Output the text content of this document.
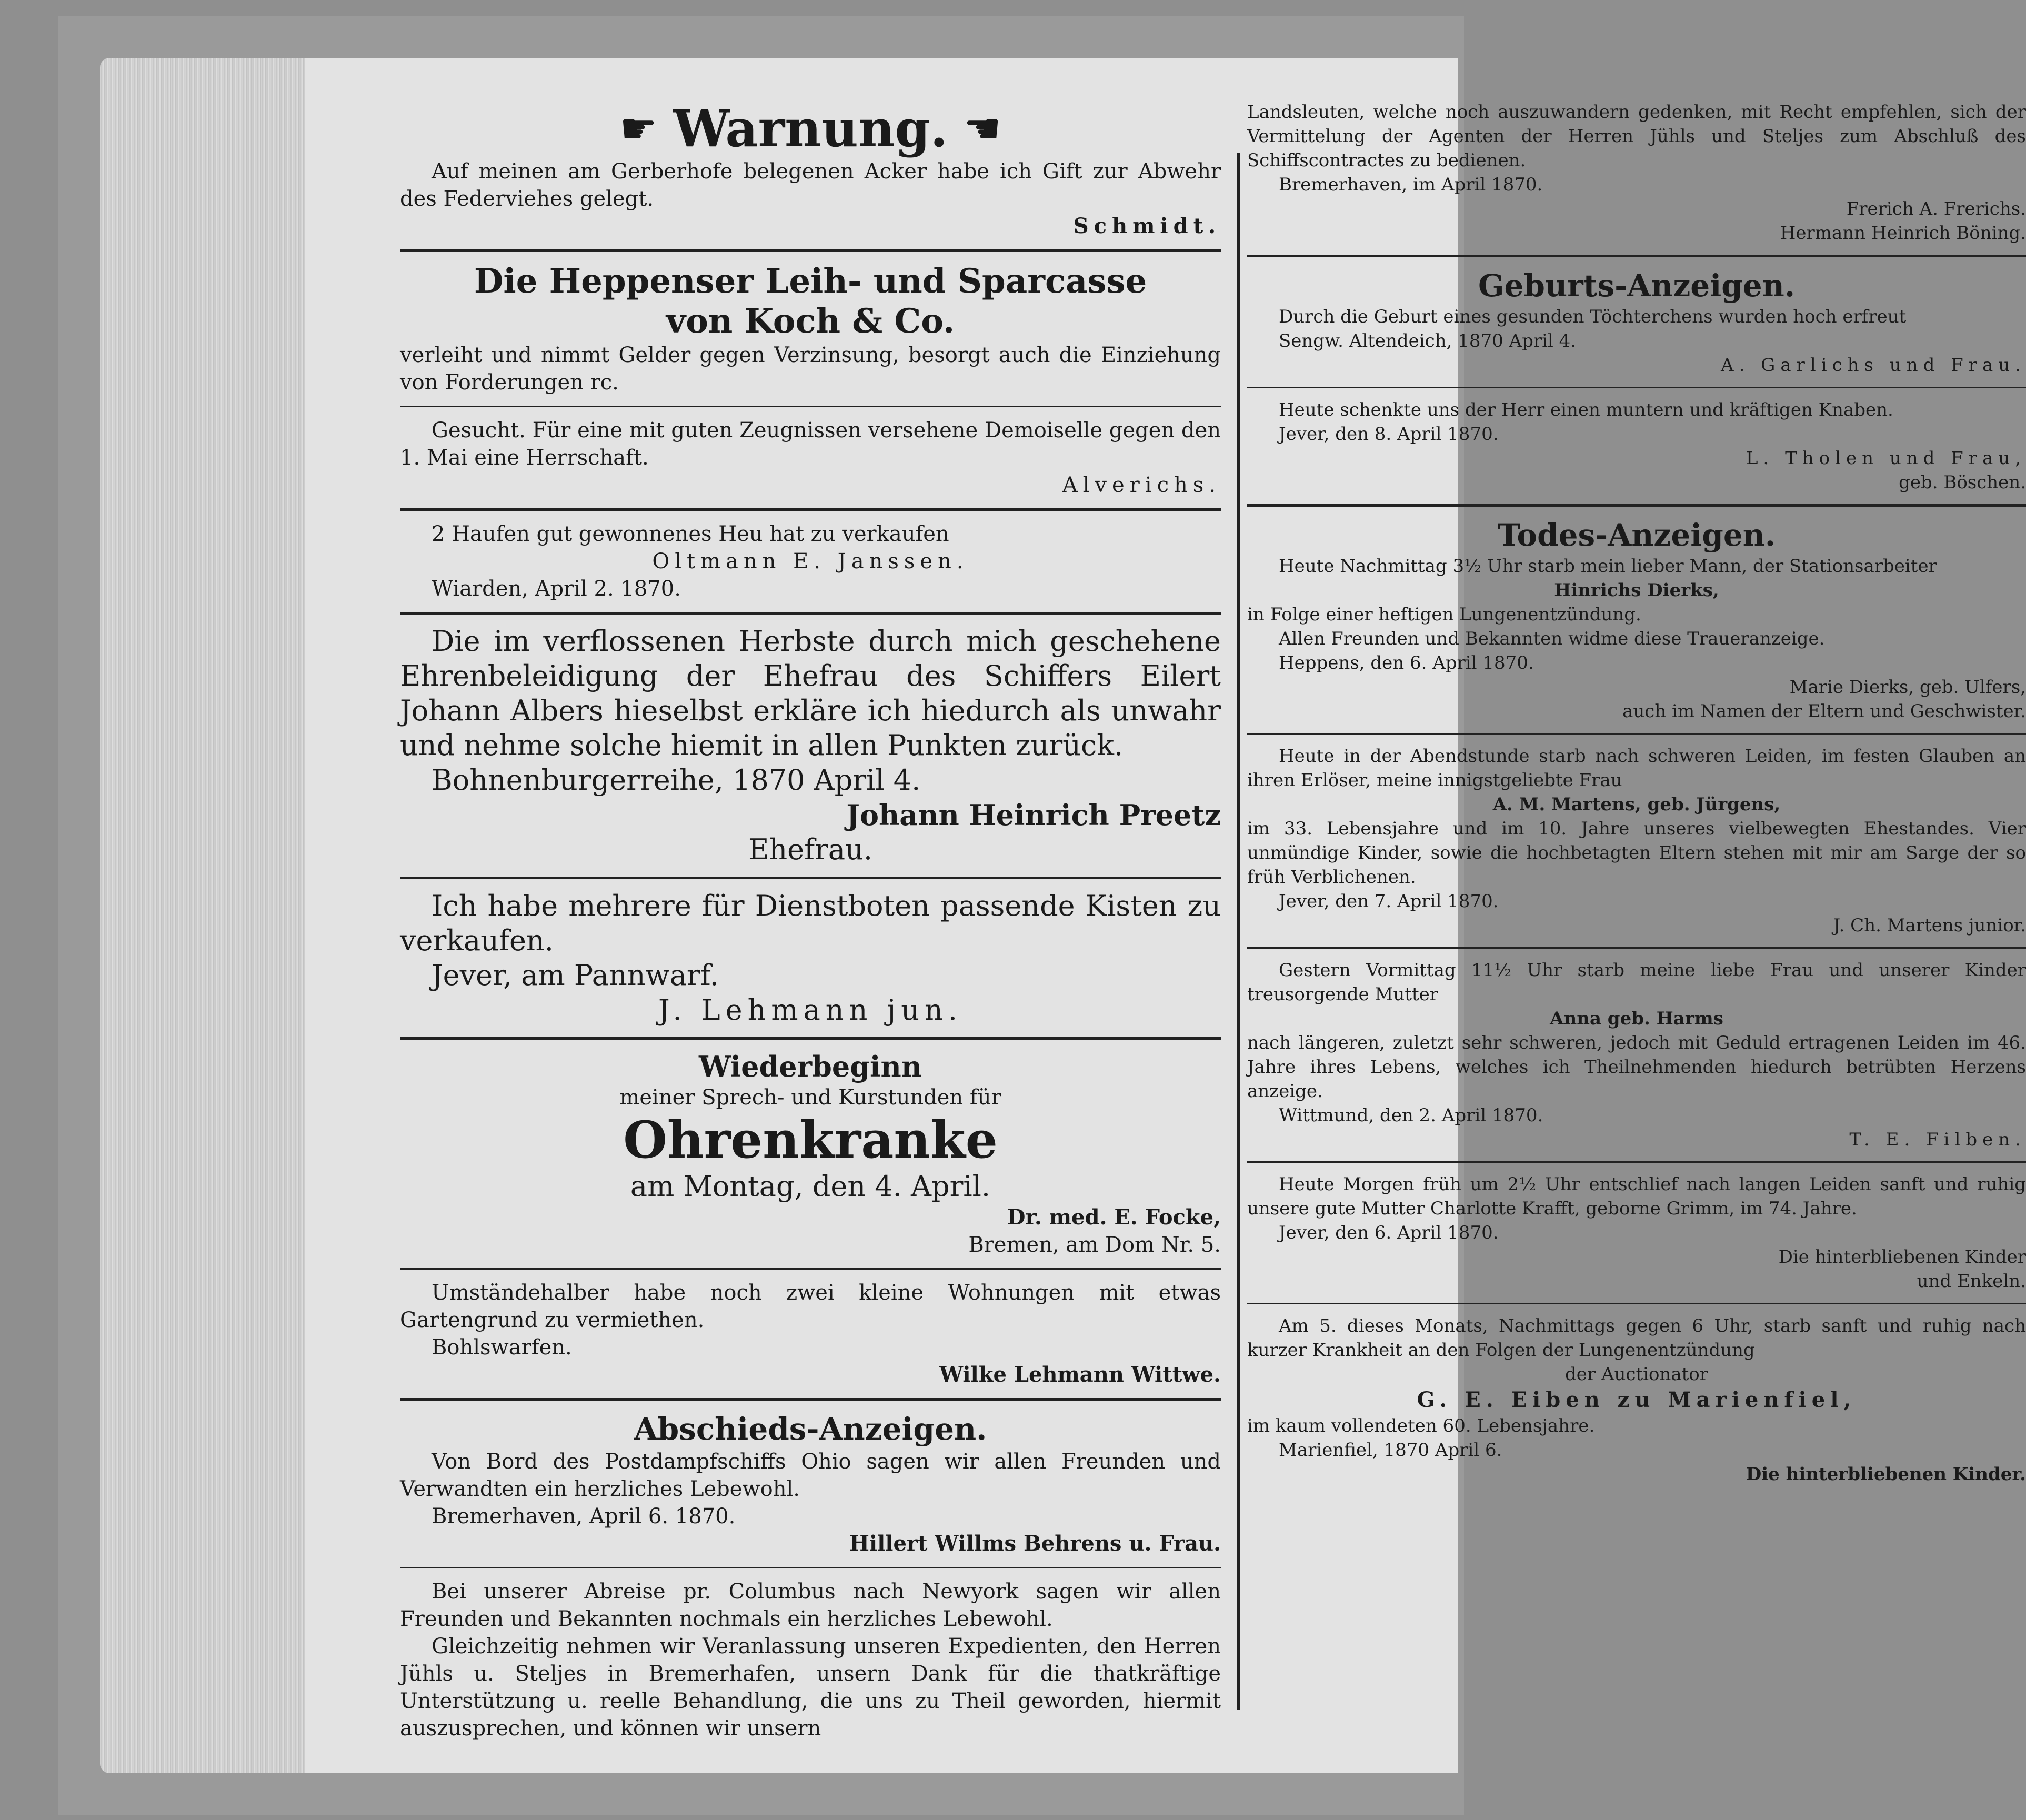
☛ Warnung. ☚

Auf meinen am Gerberhofe belegenen Acker habe ich Gift zur Abwehr des Federviehes gelegt.

Schmidt.

Die Heppenser Leih- und Sparcasse

von Koch & Co.

verleiht und nimmt Gelder gegen Verzinsung, besorgt auch die Einziehung von Forderungen rc.

Gesucht. Für eine mit guten Zeugnissen versehene Demoiselle gegen den 1. Mai eine Herrschaft.

Alverichs.

2 Haufen gut gewonnenes Heu hat zu verkaufen

Oltmann E. Janssen.

Wiarden, April 2. 1870.

Die im verflossenen Herbste durch mich geschehene Ehrenbeleidigung der Ehefrau des Schiffers Eilert Johann Albers hieselbst erkläre ich hiedurch als unwahr und nehme solche hiemit in allen Punkten zurück.

Bohnenburgerreihe, 1870 April 4.

Johann Heinrich Preetz

Ehefrau.

Ich habe mehrere für Dienstboten passende Kisten zu verkaufen.

Jever, am Pannwarf.

J. Lehmann jun.

Wiederbeginn

meiner Sprech- und Kurstunden für

Ohrenkranke

am Montag, den 4. April.

Dr. med. E. Focke,

Bremen, am Dom Nr. 5.

Umständehalber habe noch zwei kleine Wohnungen mit etwas Gartengrund zu vermiethen.

Bohlswarfen.

Wilke Lehmann Wittwe.

Abschieds-Anzeigen.

Von Bord des Postdampfschiffs Ohio sagen wir allen Freunden und Verwandten ein herzliches Lebewohl.

Bremerhaven, April 6. 1870.

Hillert Willms Behrens u. Frau.

Bei unserer Abreise pr. Columbus nach Newyork sagen wir allen Freunden und Bekannten nochmals ein herzliches Lebewohl.

Gleichzeitig nehmen wir Veranlassung unseren Expedienten, den Herren Jühls u. Steljes in Bremerhafen, unsern Dank für die thatkräftige Unterstützung u. reelle Behandlung, die uns zu Theil geworden, hiermit auszusprechen, und können wir unsern

Landsleuten, welche noch auszuwandern gedenken, mit Recht empfehlen, sich der Vermittelung der Agenten der Herren Jühls und Steljes zum Abschluß des Schiffscontractes zu bedienen.

Bremerhaven, im April 1870.

Frerich A. Frerichs.

Hermann Heinrich Böning.

Geburts-Anzeigen.

Durch die Geburt eines gesunden Töchterchens wurden hoch erfreut

Sengw. Altendeich, 1870 April 4.

A. Garlichs und Frau.

Heute schenkte uns der Herr einen muntern und kräftigen Knaben.

Jever, den 8. April 1870.

L. Tholen und Frau,

geb. Böschen.

Todes-Anzeigen.

Heute Nachmittag 3½ Uhr starb mein lieber Mann, der Stationsarbeiter

Hinrichs Dierks,

in Folge einer heftigen Lungenentzündung.

Allen Freunden und Bekannten widme diese Traueranzeige.

Heppens, den 6. April 1870.

Marie Dierks, geb. Ulfers,

auch im Namen der Eltern und Geschwister.

Heute in der Abendstunde starb nach schweren Leiden, im festen Glauben an ihren Erlöser, meine innigstgeliebte Frau

A. M. Martens, geb. Jürgens,

im 33. Lebensjahre und im 10. Jahre unseres vielbewegten Ehestandes. Vier unmündige Kinder, sowie die hochbetagten Eltern stehen mit mir am Sarge der so früh Verblichenen.

Jever, den 7. April 1870.

J. Ch. Martens junior.

Gestern Vormittag 11½ Uhr starb meine liebe Frau und unserer Kinder treusorgende Mutter

Anna geb. Harms

nach längeren, zuletzt sehr schweren, jedoch mit Geduld ertragenen Leiden im 46. Jahre ihres Lebens, welches ich Theilnehmenden hiedurch betrübten Herzens anzeige.

Wittmund, den 2. April 1870.

T. E. Filben.

Heute Morgen früh um 2½ Uhr entschlief nach langen Leiden sanft und ruhig unsere gute Mutter Charlotte Krafft, geborne Grimm, im 74. Jahre.

Jever, den 6. April 1870.

Die hinterbliebenen Kinder

und Enkeln.

Am 5. dieses Monats, Nachmittags gegen 6 Uhr, starb sanft und ruhig nach kurzer Krankheit an den Folgen der Lungenentzündung

der Auctionator

G. E. Eiben zu Marienfiel,

im kaum vollendeten 60. Lebensjahre.

Marienfiel, 1870 April 6.

Die hinterbliebenen Kinder.
